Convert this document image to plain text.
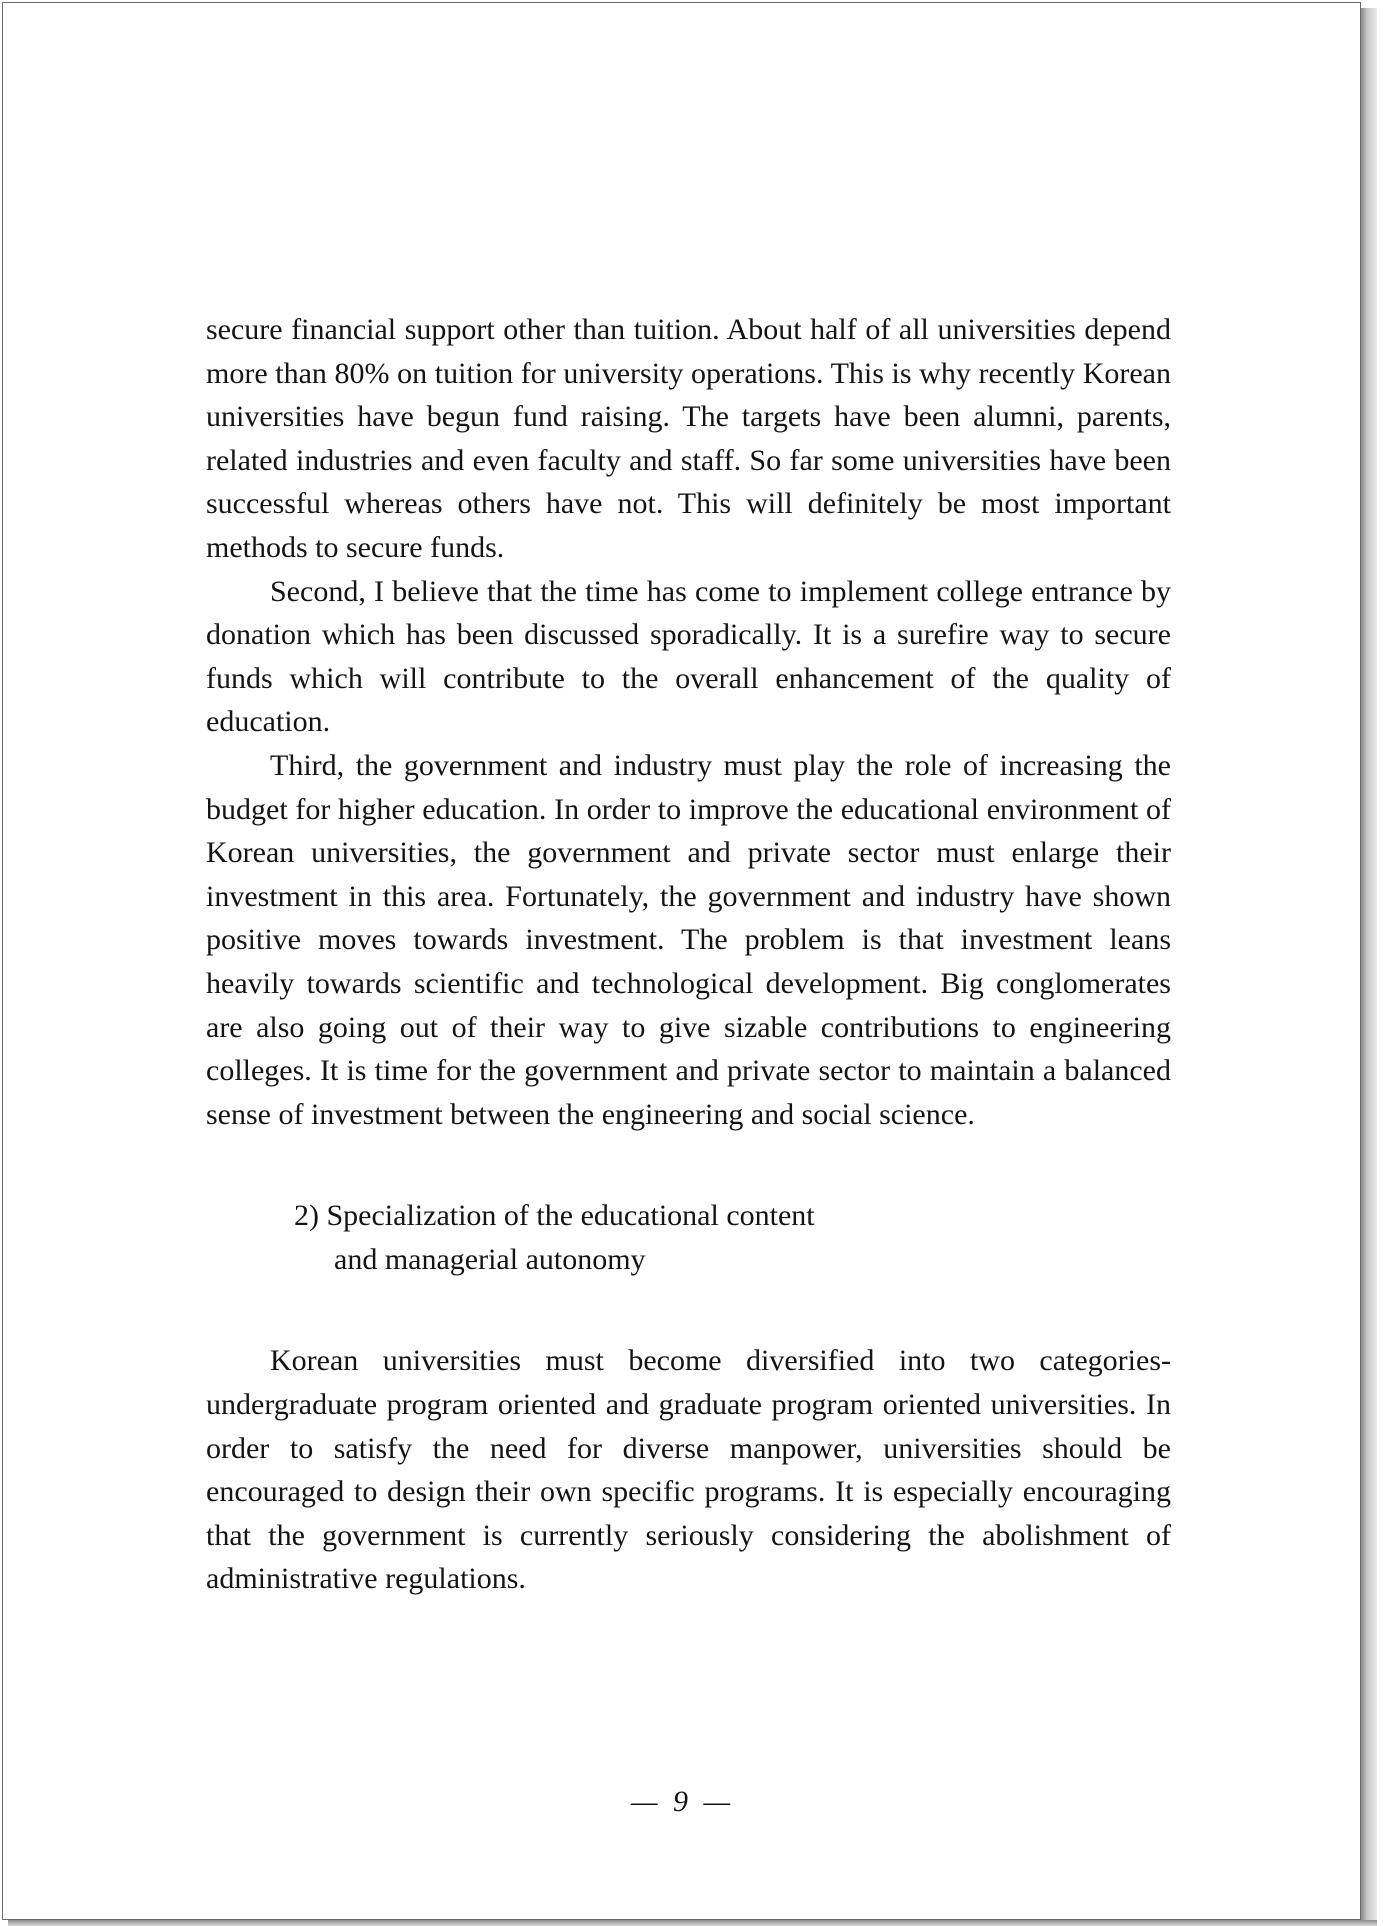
secure financial support other than tuition. About half of all universities depend more than 80% on tuition for university operations. This is why recently Korean universities have begun fund raising. The targets have been alumni, parents, related industries and even faculty and staff. So far some universities have been successful whereas others have not. This will definitely be most important methods to secure funds.

Second, I believe that the time has come to implement college entrance by donation which has been discussed sporadically. It is a surefire way to secure funds which will contribute to the overall enhancement of the quality of education.

Third, the government and industry must play the role of increasing the budget for higher education. In order to improve the educational environment of Korean universities, the government and private sector must enlarge their investment in this area. Fortunately, the government and industry have shown positive moves towards investment. The problem is that investment leans heavily towards scientific and technological development. Big conglomerates are also going out of their way to give sizable contributions to engineering colleges. It is time for the government and private sector to maintain a balanced sense of investment between the engineering and social science.

2) Specialization of the educational content
and managerial autonomy

Korean universities must become diversified into two categories- undergraduate program oriented and graduate program oriented universities. In order to satisfy the need for diverse manpower, universities should be encouraged to design their own specific programs. It is especially encouraging that the government is currently seriously considering the abolishment of administrative regulations.

— 9 —
